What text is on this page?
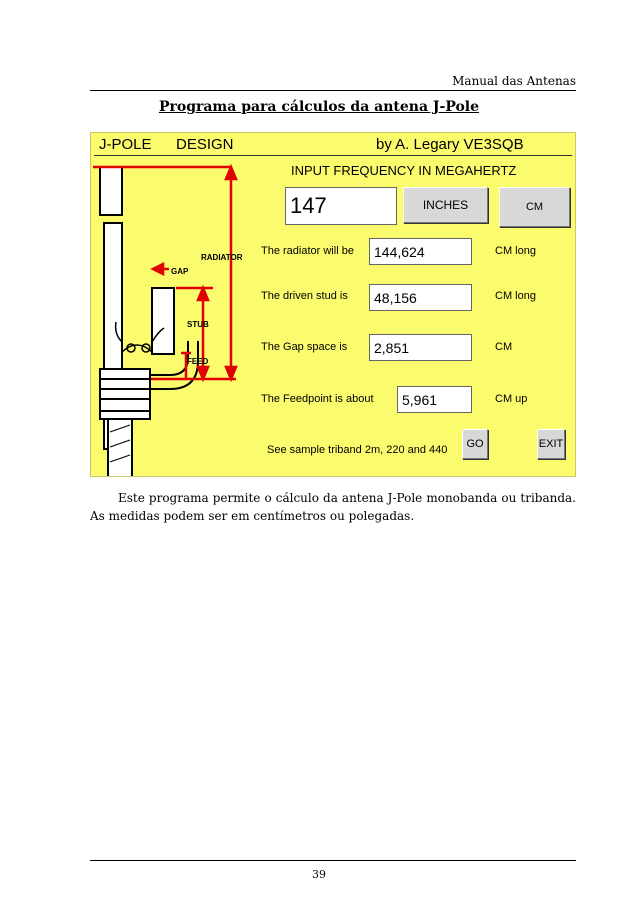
Manual das Antenas
Programa para cálculos da antena J-Pole
J-POLE DESIGN	by A. Legary VE3SQB
RADIATOR
GAP
STUB
FEED
INPUT FREQUENCY IN MEGAHERTZ
147	INCHES	CM
The radiator will be	144,624	CM long
The driven stud is	48,156	CM long
The Gap space is	2,851	CM
The Feedpoint is about	5,961	CM up
See sample triband 2m, 220 and 440	GO	EXIT

Este programa permite o cálculo da antena J-Pole monobanda ou tribanda. As medidas podem ser em centímetros ou polegadas.

39
